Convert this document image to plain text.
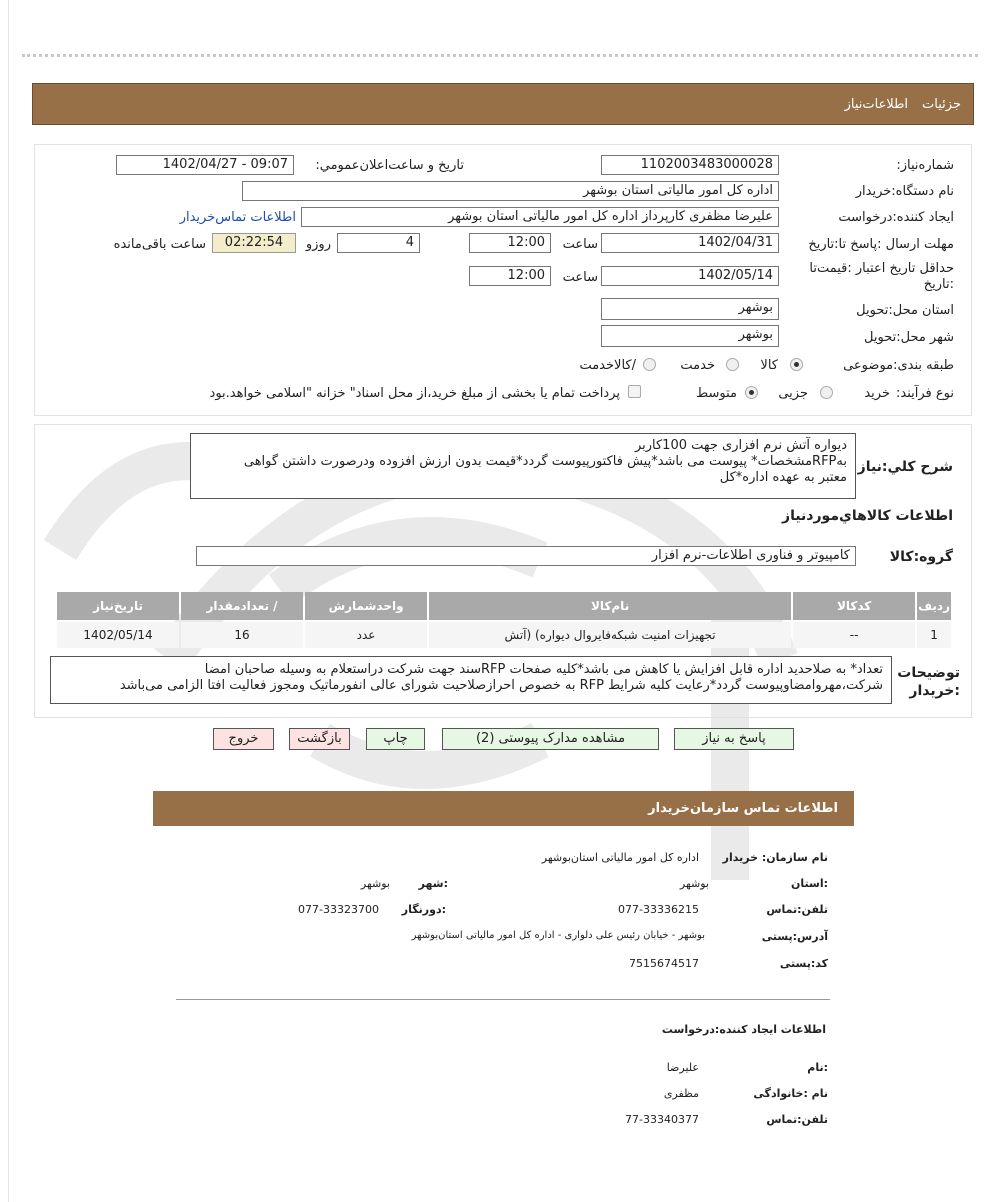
جزئیات
اطلاعات‌نیاز
شماره‌نیاز:
1102003483000028
تاریخ و ساعت‌اعلان‌عمومي:
1402/04/27 - 09:07
نام دستگاه:خریدار
اداره کل امور مالیاتی استان بوشهر
ایجاد کننده:درخواست
علیرضا مظفری کارپرداز اداره کل امور مالیاتی استان بوشهر
اطلاعات تماس‌خریدار
مهلت ارسال :پاسخ تا:تاریخ
1402/04/31
ساعت
12:00
4
روزو
02:22:54
ساعت باقی‌مانده
حداقل تاریخ اعتبار :قیمت‌تا
:تاریخ
1402/05/14
ساعت
12:00
استان محل:تحویل
بوشهر
شهر محل:تحویل
بوشهر
طبقه بندی:موضوعی
کالا
خدمت
/کالاخدمت
نوع فرآیند:
خرید
جزیی
متوسط
پرداخت تمام یا بخشی از مبلغ خرید،از محل اسناد" خزانه "اسلامی خواهد.بود
شرح کلي:نیاز
دیواره آتش نرم افزاری جهت 100کاربر
بهRFPمشخصات* پیوست می باشد*پیش فاکتورپیوست گردد*قیمت بدون ارزش افزوده ودرصورت داشتن گواهی
معتبر به عهده اداره*کل
اطلاعات کالاهاي‌موردنیاز
گروه:کالا
کامپیوتر و فناوری اطلاعات-نرم افزار
ردیف	کدکالا	نام‌کالا	واحدشمارش	/ تعدادمقدار	تاریخ‌نیاز
1	--	تجهیزات امنیت شبکه‌فایروال دیواره) (آتش	عدد	16	1402/05/14
توضیحات
:خریدار
تعداد* به صلاحدید اداره قابل افزایش یا کاهش می باشد*کلیه صفحات RFPسند جهت شرکت دراستعلام به وسیله صاحبان امضا
شرکت،مهروامضاوپیوست گردد*رعایت کلیه شرایط RFP به خصوص احرازصلاحیت شورای عالی انفورماتیک ومجوز فعالیت افتا الزامی می‌باشد
پاسخ به نیاز
مشاهده مدارک پیوستی (2)
چاپ
بازگشت
خروج
اطلاعات تماس سازمان‌خریدار
نام سازمان: خریدار
اداره کل امور مالیاتی استان‌بوشهر
:استان
بوشهر
:شهر
بوشهر
تلفن:تماس
077-33336215
:دورنگار
077-33323700
آدرس:پستی
بوشهر - خیابان رئیس علی دلواری - اداره کل امور مالیاتی استان‌بوشهر
کد:پستی
7515674517
اطلاعات ایجاد کننده:درخواست
:نام
علیرضا
نام :خانوادگی
مظفری
تلفن:تماس
77-33340377
